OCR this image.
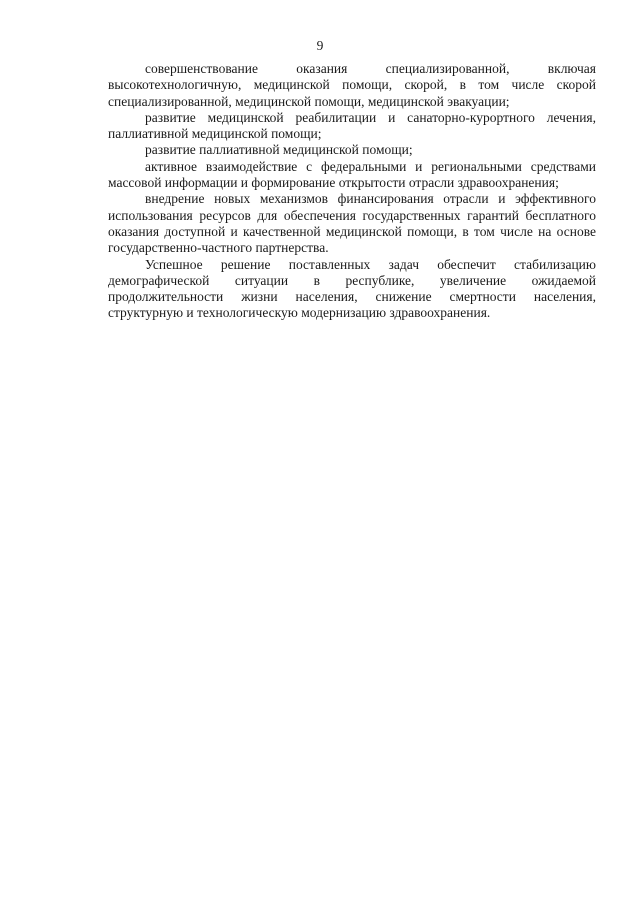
9

совершенствование оказания специализированной, включая высокотехнологичную, медицинской помощи, скорой, в том числе скорой специализированной, медицинской помощи, медицинской эвакуации;

развитие медицинской реабилитации и санаторно-курортного лечения, паллиативной медицинской помощи;

развитие паллиативной медицинской помощи;

активное взаимодействие с федеральными и региональными средствами массовой информации и формирование открытости отрасли здравоохранения;

внедрение новых механизмов финансирования отрасли и эффективного использования ресурсов для обеспечения государственных гарантий бесплатного оказания доступной и качественной медицинской помощи, в том числе на основе государственно-частного партнерства.

Успешное решение поставленных задач обеспечит стабилизацию демографической ситуации в республике, увеличение ожидаемой продолжительности жизни населения, снижение смертности населения, структурную и технологическую модернизацию здравоохранения.
